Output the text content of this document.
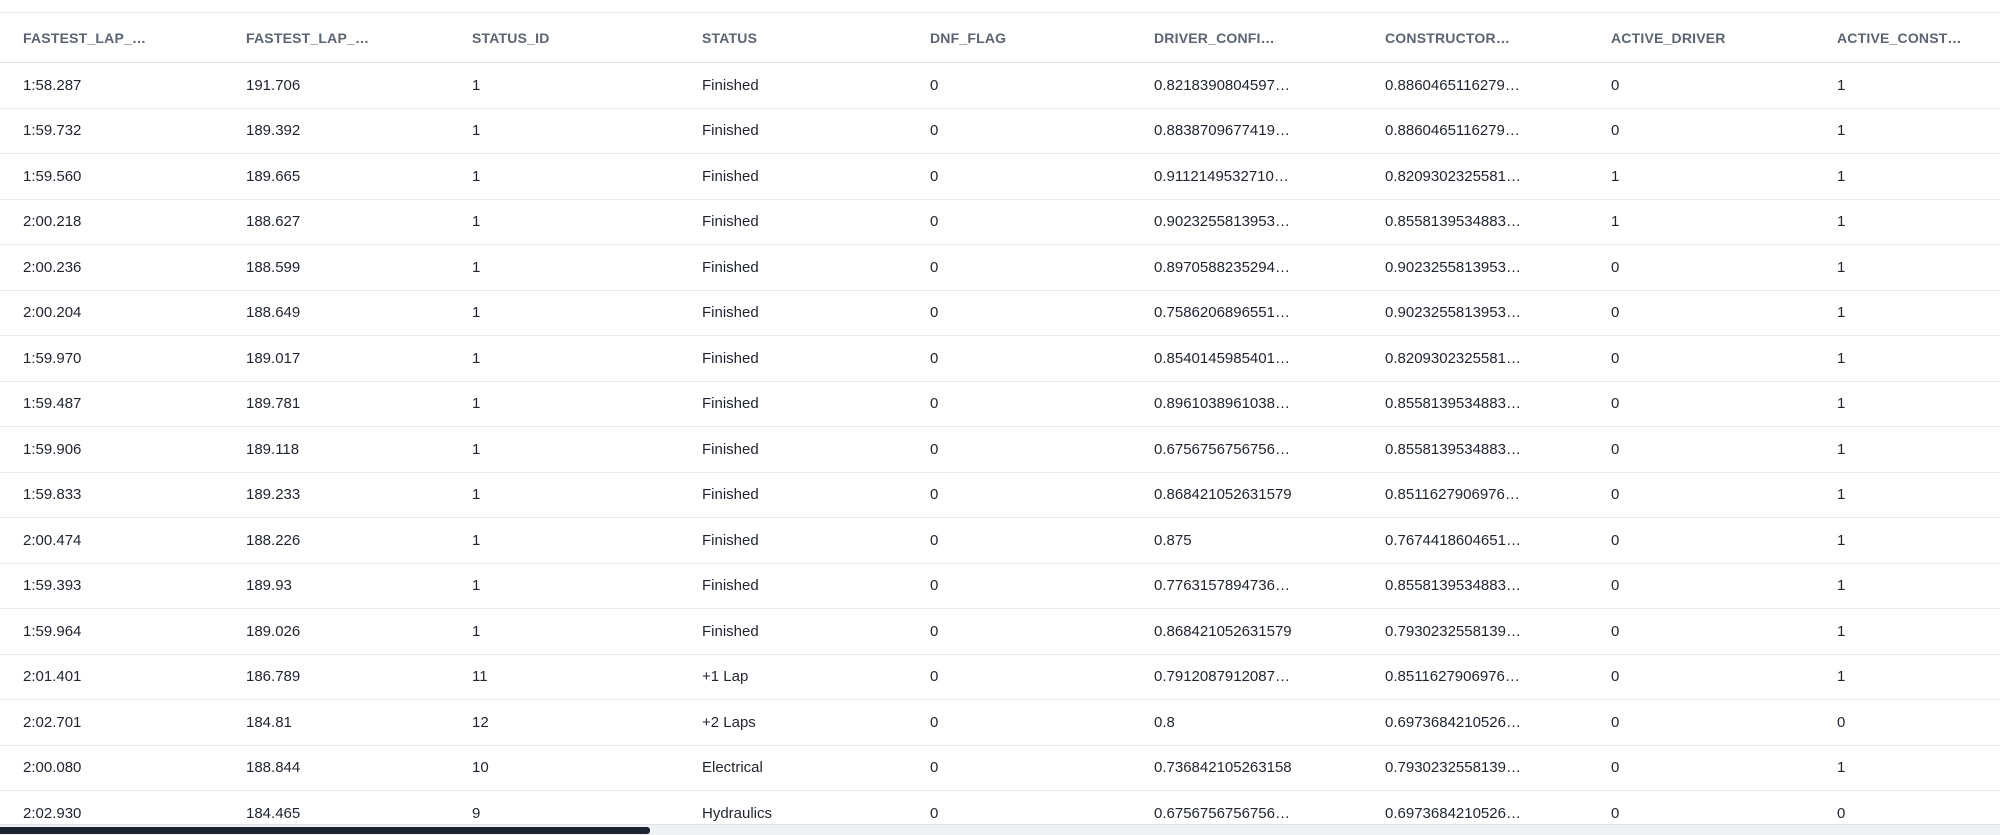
FASTEST_LAP_…	FASTEST_LAP_…	STATUS_ID	STATUS	DNF_FLAG	DRIVER_CONFI…	CONSTRUCTOR…	ACTIVE_DRIVER	ACTIVE_CONST…
1:58.287	191.706	1	Finished	0	0.8218390804597…	0.8860465116279…	0	1
1:59.732	189.392	1	Finished	0	0.8838709677419…	0.8860465116279…	0	1
1:59.560	189.665	1	Finished	0	0.9112149532710…	0.8209302325581…	1	1
2:00.218	188.627	1	Finished	0	0.9023255813953…	0.8558139534883…	1	1
2:00.236	188.599	1	Finished	0	0.8970588235294…	0.9023255813953…	0	1
2:00.204	188.649	1	Finished	0	0.7586206896551…	0.9023255813953…	0	1
1:59.970	189.017	1	Finished	0	0.8540145985401…	0.8209302325581…	0	1
1:59.487	189.781	1	Finished	0	0.8961038961038…	0.8558139534883…	0	1
1:59.906	189.118	1	Finished	0	0.6756756756756…	0.8558139534883…	0	1
1:59.833	189.233	1	Finished	0	0.868421052631579	0.8511627906976…	0	1
2:00.474	188.226	1	Finished	0	0.875	0.7674418604651…	0	1
1:59.393	189.93	1	Finished	0	0.7763157894736…	0.8558139534883…	0	1
1:59.964	189.026	1	Finished	0	0.868421052631579	0.7930232558139…	0	1
2:01.401	186.789	11	+1 Lap	0	0.7912087912087…	0.8511627906976…	0	1
2:02.701	184.81	12	+2 Laps	0	0.8	0.6973684210526…	0	0
2:00.080	188.844	10	Electrical	0	0.736842105263158	0.7930232558139…	0	1
2:02.930	184.465	9	Hydraulics	0	0.6756756756756…	0.6973684210526…	0	0
